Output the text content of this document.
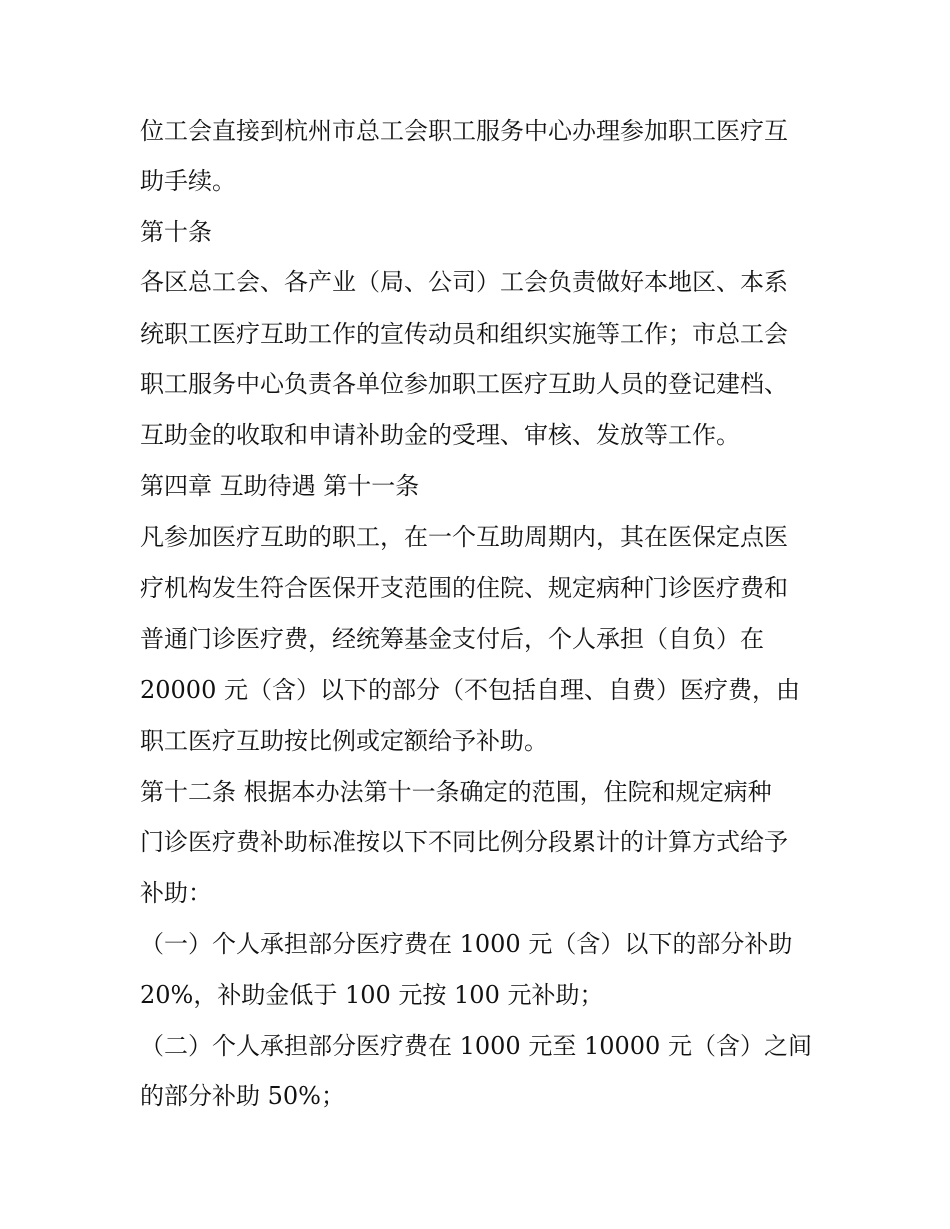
位工会直接到杭州市总工会职工服务中心办理参加职工医疗互
助手续。
第十条
各区总工会、各产业（局、公司）工会负责做好本地区、本系
统职工医疗互助工作的宣传动员和组织实施等工作；市总工会
职工服务中心负责各单位参加职工医疗互助人员的登记建档、
互助金的收取和申请补助金的受理、审核、发放等工作。
第四章 互助待遇 第十一条
凡参加医疗互助的职工，在一个互助周期内，其在医保定点医
疗机构发生符合医保开支范围的住院、规定病种门诊医疗费和
普通门诊医疗费，经统筹基金支付后，个人承担（自负）在
20000 元（含）以下的部分（不包括自理、自费）医疗费，由
职工医疗互助按比例或定额给予补助。
第十二条 根据本办法第十一条确定的范围，住院和规定病种
门诊医疗费补助标准按以下不同比例分段累计的计算方式给予
补助：
（一）个人承担部分医疗费在 1000 元（含）以下的部分补助
20%，补助金低于 100 元按 100 元补助；
（二）个人承担部分医疗费在 1000 元至 10000 元（含）之间
的部分补助 50%；
